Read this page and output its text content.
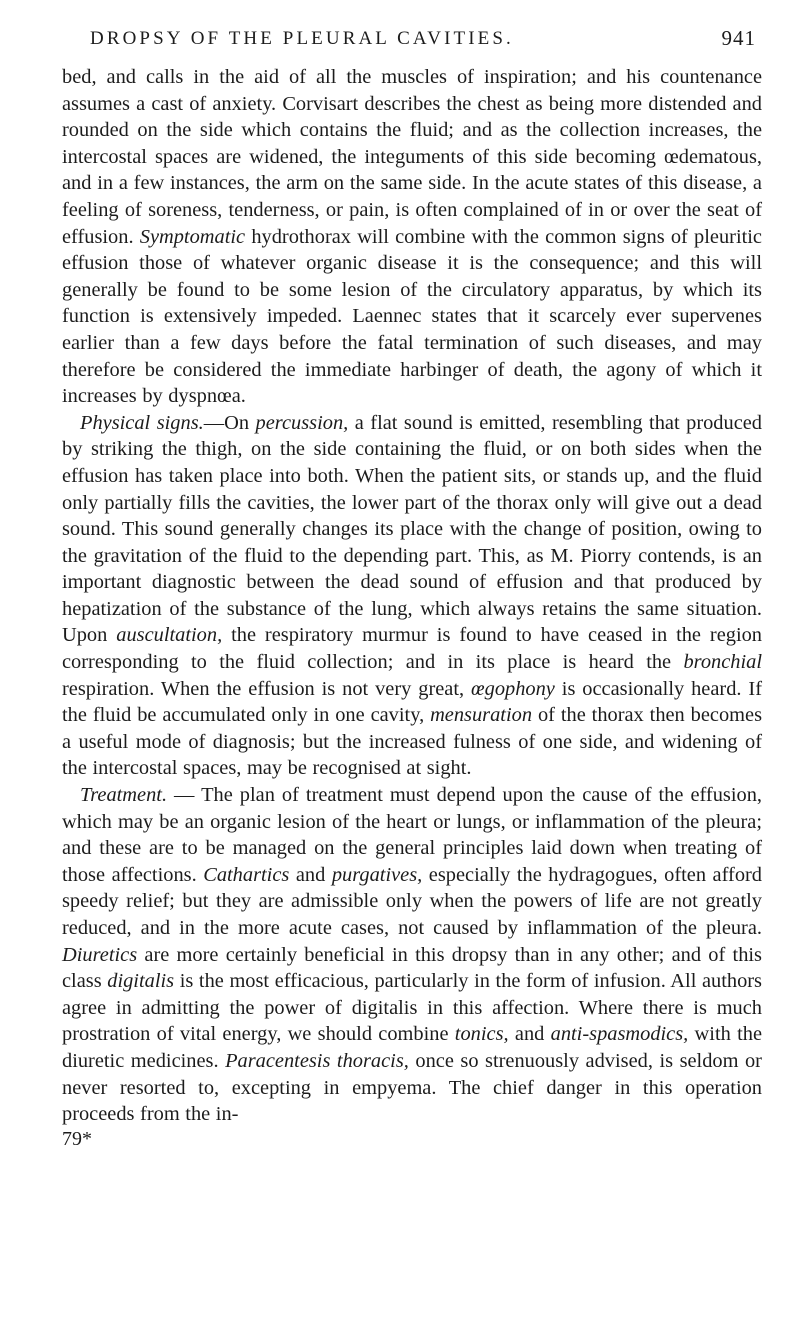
DROPSY OF THE PLEURAL CAVITIES.	941

bed, and calls in the aid of all the muscles of inspiration; and his countenance assumes a cast of anxiety. Corvisart describes the chest as being more distended and rounded on the side which contains the fluid; and as the collection increases, the intercostal spaces are widened, the integuments of this side becoming œdematous, and in a few instances, the arm on the same side. In the acute states of this disease, a feeling of soreness, tenderness, or pain, is often complained of in or over the seat of effusion. Symptomatic hydrothorax will combine with the common signs of pleuritic effusion those of whatever organic disease it is the consequence; and this will generally be found to be some lesion of the circulatory apparatus, by which its function is extensively impeded. Laennec states that it scarcely ever supervenes earlier than a few days before the fatal termination of such diseases, and may therefore be considered the immediate harbinger of death, the agony of which it increases by dyspnœa.

Physical signs.—On percussion, a flat sound is emitted, resembling that produced by striking the thigh, on the side containing the fluid, or on both sides when the effusion has taken place into both. When the patient sits, or stands up, and the fluid only partially fills the cavities, the lower part of the thorax only will give out a dead sound. This sound generally changes its place with the change of position, owing to the gravitation of the fluid to the depending part. This, as M. Piorry contends, is an important diagnostic between the dead sound of effusion and that produced by hepatization of the substance of the lung, which always retains the same situation. Upon auscultation, the respiratory murmur is found to have ceased in the region corresponding to the fluid collection; and in its place is heard the bronchial respiration. When the effusion is not very great, œgophony is occasionally heard. If the fluid be accumulated only in one cavity, mensuration of the thorax then becomes a useful mode of diagnosis; but the increased fulness of one side, and widening of the intercostal spaces, may be recognised at sight.

Treatment. — The plan of treatment must depend upon the cause of the effusion, which may be an organic lesion of the heart or lungs, or inflammation of the pleura; and these are to be managed on the general principles laid down when treating of those affections. Cathartics and purgatives, especially the hydragogues, often afford speedy relief; but they are admissible only when the powers of life are not greatly reduced, and in the more acute cases, not caused by inflammation of the pleura. Diuretics are more certainly beneficial in this dropsy than in any other; and of this class digitalis is the most efficacious, particularly in the form of infusion. All authors agree in admitting the power of digitalis in this affection. Where there is much prostration of vital energy, we should combine tonics, and anti-spasmodics, with the diuretic medicines. Paracentesis thoracis, once so strenuously advised, is seldom or never resorted to, excepting in empyema. The chief danger in this operation proceeds from the in-

79*
